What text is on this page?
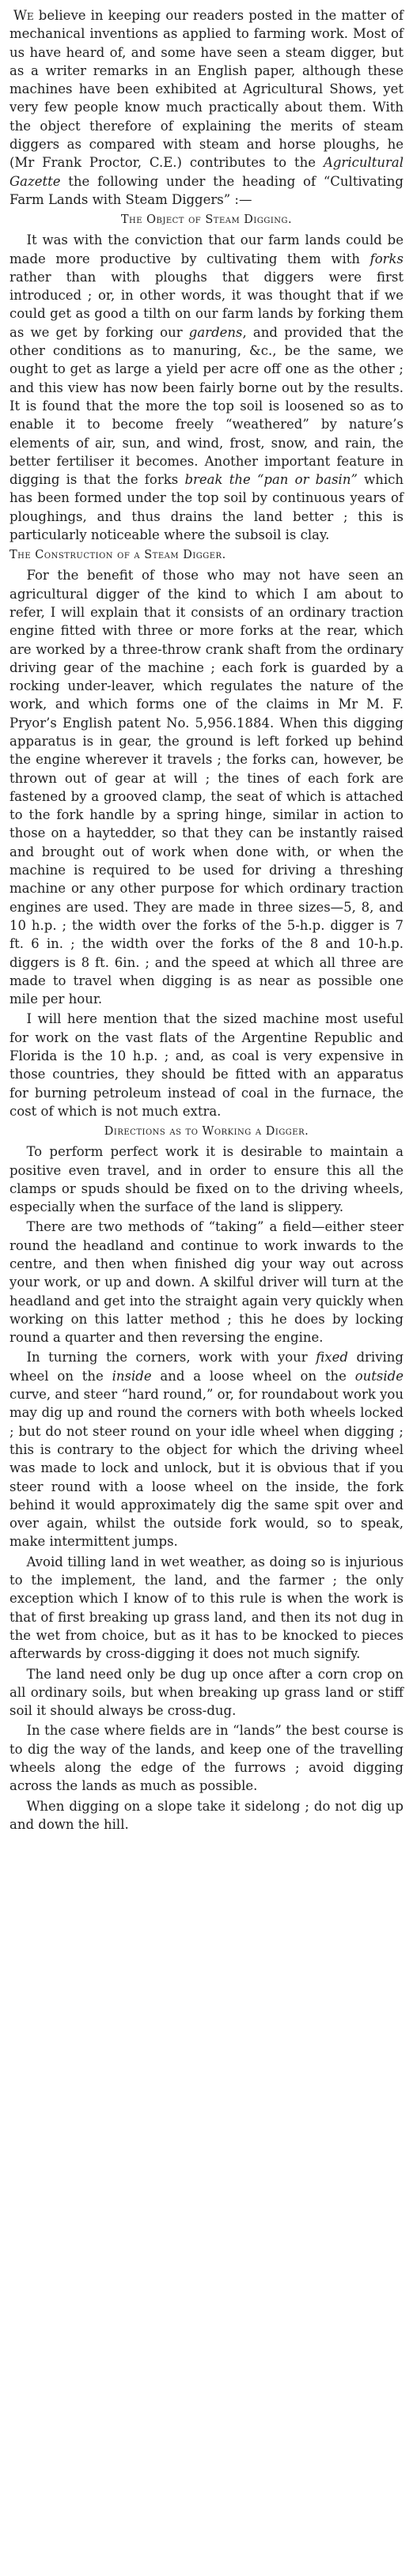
We believe in keeping our readers posted in the matter of mechanical inventions as applied to farming work. Most of us have heard of, and some have seen a steam digger, but as a writer remarks in an English paper, although these machines have been exhibited at Agricultural Shows, yet very few people know much practically about them. With the object therefore of explaining the merits of steam diggers as compared with steam and horse ploughs, he (Mr Frank Proctor, C.E.) contributes to the Agricultural Gazette the following under the heading of “Cultivating Farm Lands with Steam Diggers” :—

The Object of Steam Digging.

It was with the conviction that our farm lands could be made more productive by cultivating them with forks rather than with ploughs that diggers were first introduced ; or, in other words, it was thought that if we could get as good a tilth on our farm lands by forking them as we get by forking our gardens, and provided that the other conditions as to manuring, &c., be the same, we ought to get as large a yield per acre off one as the other ; and this view has now been fairly borne out by the results. It is found that the more the top soil is loosened so as to enable it to become freely “weathered” by nature’s elements of air, sun, and wind, frost, snow, and rain, the better fertiliser it becomes. Another important feature in digging is that the forks break the “pan or basin” which has been formed under the top soil by continuous years of ploughings, and thus drains the land better ; this is particularly noticeable where the subsoil is clay.

The Construction of a Steam Digger.

For the benefit of those who may not have seen an agricultural digger of the kind to which I am about to refer, I will explain that it consists of an ordinary traction engine fitted with three or more forks at the rear, which are worked by a three-throw crank shaft from the ordinary driving gear of the machine ; each fork is guarded by a rocking under-leaver, which regulates the nature of the work, and which forms one of the claims in Mr M. F. Pryor’s English patent No. 5,956.1884. When this digging apparatus is in gear, the ground is left forked up behind the engine wherever it travels ; the forks can, however, be thrown out of gear at will ; the tines of each fork are fastened by a grooved clamp, the seat of which is attached to the fork handle by a spring hinge, similar in action to those on a haytedder, so that they can be instantly raised and brought out of work when done with, or when the machine is required to be used for driving a threshing machine or any other purpose for which ordinary traction engines are used. They are made in three sizes—5, 8, and 10 h.p. ; the width over the forks of the 5-h.p. digger is 7 ft. 6 in. ; the width over the forks of the 8 and 10-h.p. diggers is 8 ft. 6in. ; and the speed at which all three are made to travel when digging is as near as possible one mile per hour.

I will here mention that the sized machine most useful for work on the vast flats of the Argentine Republic and Florida is the 10 h.p. ; and, as coal is very expensive in those countries, they should be fitted with an apparatus for burning petroleum instead of coal in the furnace, the cost of which is not much extra.

Directions as to Working a Digger.

To perform perfect work it is desirable to maintain a positive even travel, and in order to ensure this all the clamps or spuds should be fixed on to the driving wheels, especially when the surface of the land is slippery.

There are two methods of “taking” a field—either steer round the headland and continue to work inwards to the centre, and then when finished dig your way out across your work, or up and down. A skilful driver will turn at the headland and get into the straight again very quickly when working on this latter method ; this he does by locking round a quarter and then reversing the engine.

In turning the corners, work with your fixed driving wheel on the inside and a loose wheel on the outside curve, and steer “hard round,” or, for roundabout work you may dig up and round the corners with both wheels locked ; but do not steer round on your idle wheel when digging ; this is contrary to the object for which the driving wheel was made to lock and unlock, but it is obvious that if you steer round with a loose wheel on the inside, the fork behind it would approximately dig the same spit over and over again, whilst the outside fork would, so to speak, make intermittent jumps.

Avoid tilling land in wet weather, as doing so is injurious to the implement, the land, and the farmer ; the only exception which I know of to this rule is when the work is that of first breaking up grass land, and then its not dug in the wet from choice, but as it has to be knocked to pieces afterwards by cross-digging it does not much signify.

The land need only be dug up once after a corn crop on all ordinary soils, but when breaking up grass land or stiff soil it should always be cross-dug.

In the case where fields are in “lands” the best course is to dig the way of the lands, and keep one of the travelling wheels along the edge of the furrows ; avoid digging across the lands as much as possible.

When digging on a slope take it sidelong ; do not dig up and down the hill.
